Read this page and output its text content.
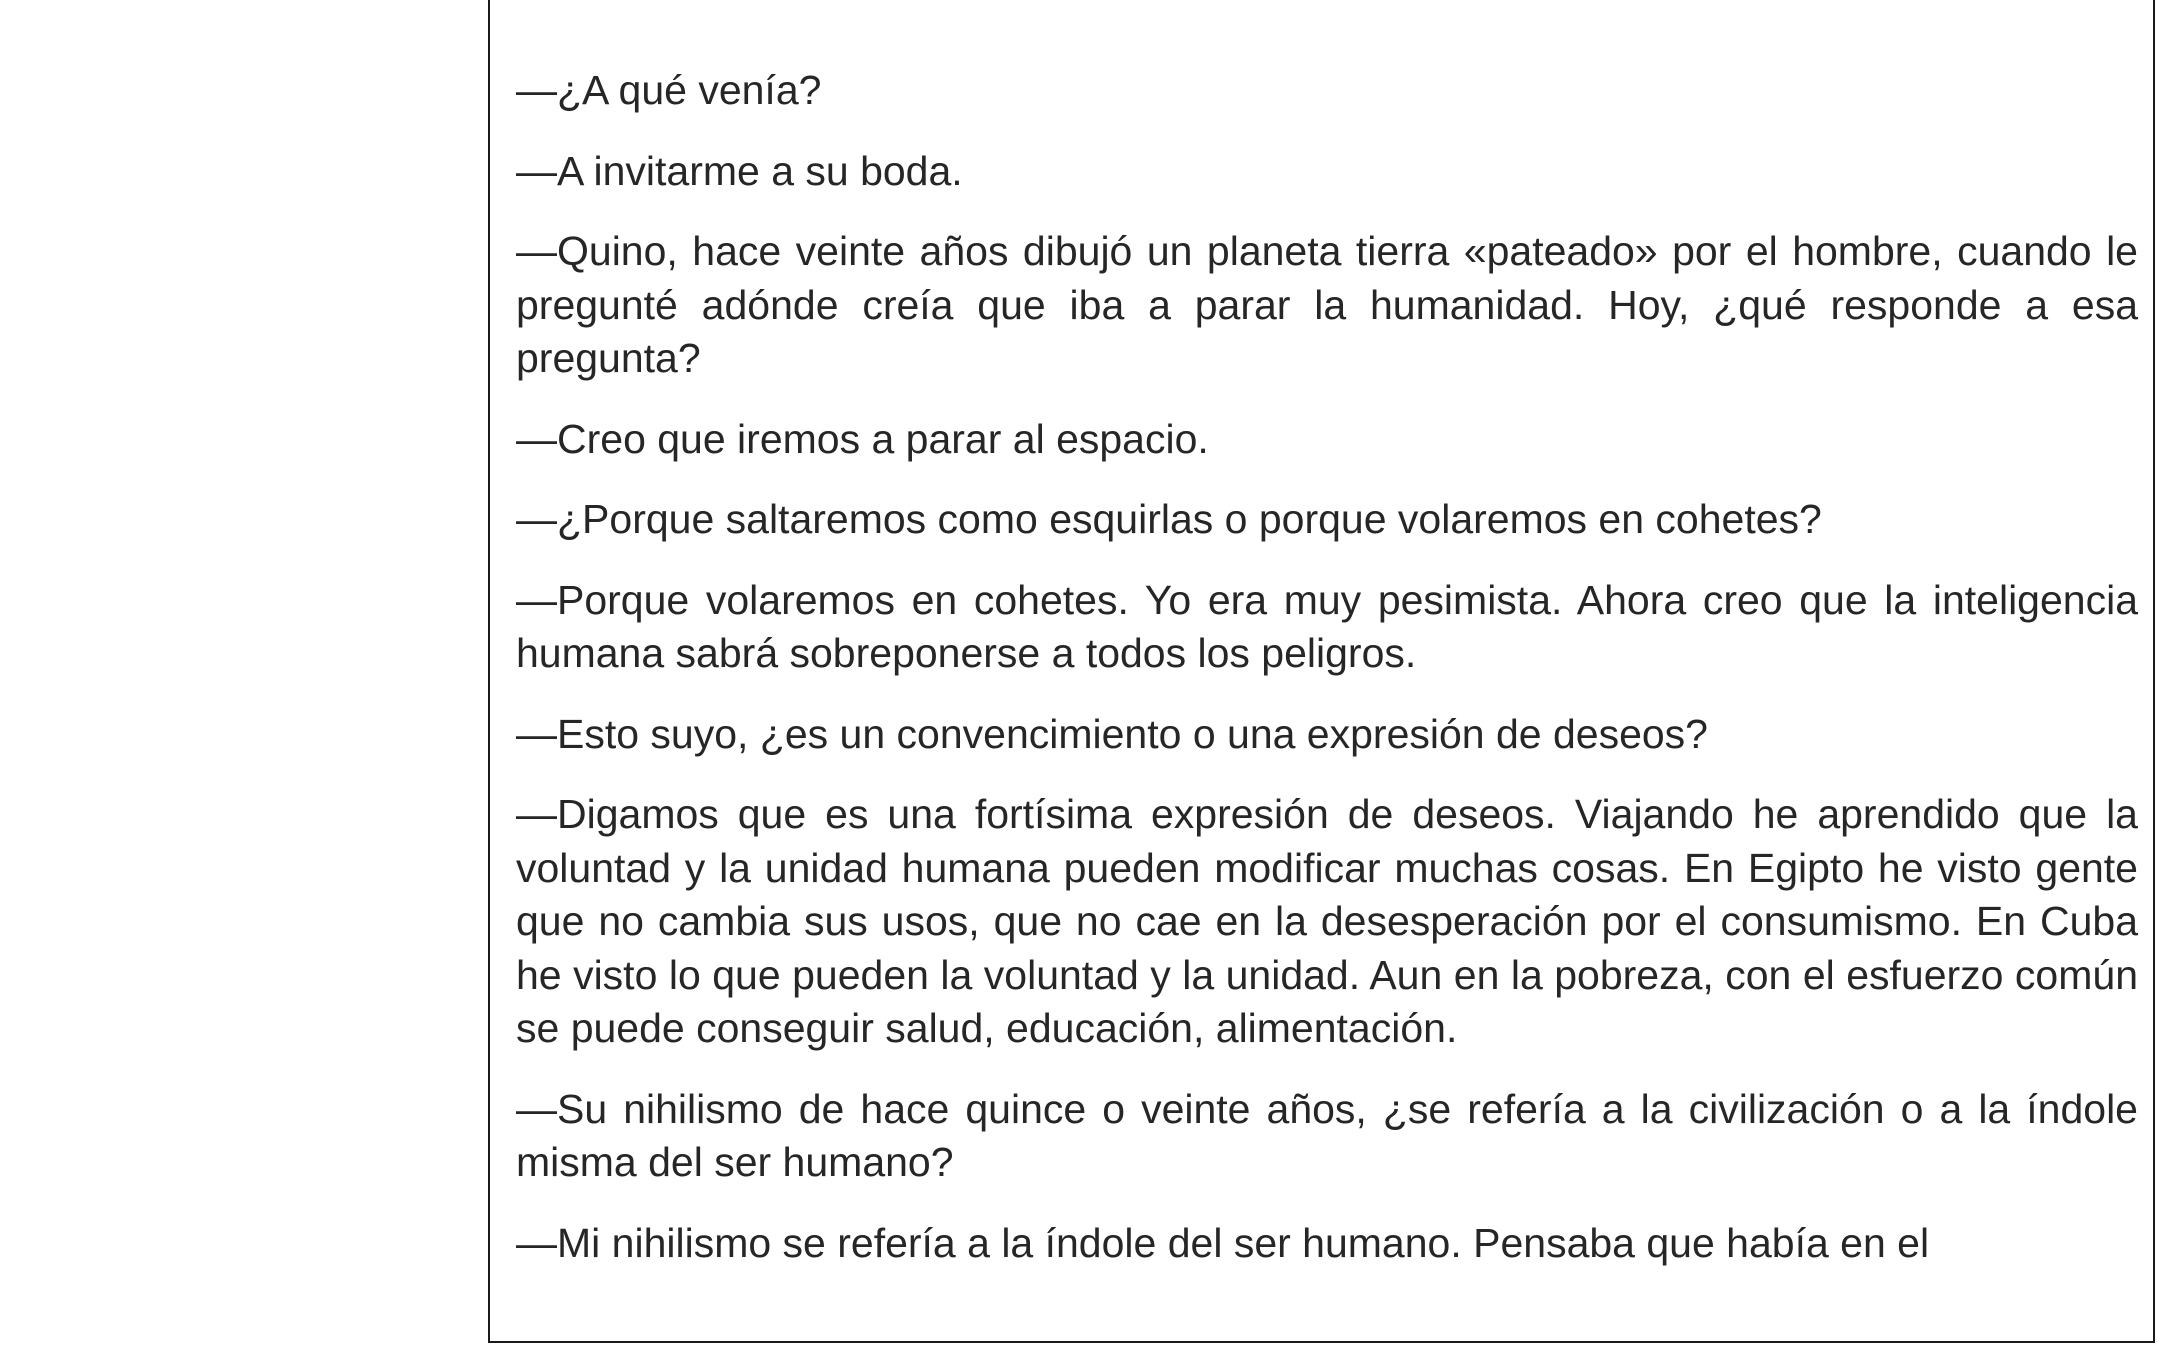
—¿A qué venía?

—A invitarme a su boda.

—Quino, hace veinte años dibujó un planeta tierra «pateado» por el hombre, cuando le pregunté adónde creía que iba a parar la humanidad. Hoy, ¿qué responde a esa pregunta?

—Creo que iremos a parar al espacio.

—¿Porque saltaremos como esquirlas o porque volaremos en cohetes?

—Porque volaremos en cohetes. Yo era muy pesimista. Ahora creo que la inteligencia humana sabrá sobreponerse a todos los peligros.

—Esto suyo, ¿es un convencimiento o una expresión de deseos?

—Digamos que es una fortísima expresión de deseos. Viajando he aprendido que la voluntad y la unidad humana pueden modificar muchas cosas. En Egipto he visto gente que no cambia sus usos, que no cae en la desesperación por el consumismo. En Cuba he visto lo que pueden la voluntad y la unidad. Aun en la pobreza, con el esfuerzo común se puede conseguir salud, educación, alimentación.

—Su nihilismo de hace quince o veinte años, ¿se refería a la civilización o a la índole misma del ser humano?

—Mi nihilismo se refería a la índole del ser humano. Pensaba que había en el
